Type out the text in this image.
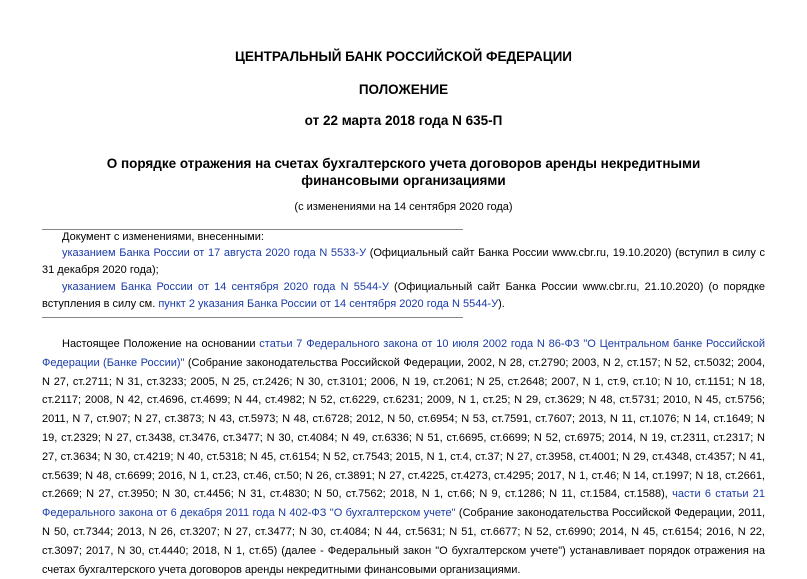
ЦЕНТРАЛЬНЫЙ БАНК РОССИЙСКОЙ ФЕДЕРАЦИИ
ПОЛОЖЕНИЕ
от 22 марта 2018 года N 635-П
О порядке отражения на счетах бухгалтерского учета договоров аренды некредитными финансовыми организациями
(с изменениями на 14 сентября 2020 года)
Документ с изменениями, внесенными:
указанием Банка России от 17 августа 2020 года N 5533-У (Официальный сайт Банка России www.cbr.ru, 19.10.2020) (вступил в силу с 31 декабря 2020 года);
указанием Банка России от 14 сентября 2020 года N 5544-У (Официальный сайт Банка России www.cbr.ru, 21.10.2020) (о порядке вступления в силу см. пункт 2 указания Банка России от 14 сентября 2020 года N 5544-У).
Настоящее Положение на основании статьи 7 Федерального закона от 10 июля 2002 года N 86-ФЗ "О Центральном банке Российской Федерации (Банке России)" (Собрание законодательства Российской Федерации, 2002, N 28, ст.2790; 2003, N 2, ст.157; N 52, ст.5032; 2004, N 27, ст.2711; N 31, ст.3233; 2005, N 25, ст.2426; N 30, ст.3101; 2006, N 19, ст.2061; N 25, ст.2648; 2007, N 1, ст.9, ст.10; N 10, ст.1151; N 18, ст.2117; 2008, N 42, ст.4696, ст.4699; N 44, ст.4982; N 52, ст.6229, ст.6231; 2009, N 1, ст.25; N 29, ст.3629; N 48, ст.5731; 2010, N 45, ст.5756; 2011, N 7, ст.907; N 27, ст.3873; N 43, ст.5973; N 48, ст.6728; 2012, N 50, ст.6954; N 53, ст.7591, ст.7607; 2013, N 11, ст.1076; N 14, ст.1649; N 19, ст.2329; N 27, ст.3438, ст.3476, ст.3477; N 30, ст.4084; N 49, ст.6336; N 51, ст.6695, ст.6699; N 52, ст.6975; 2014, N 19, ст.2311, ст.2317; N 27, ст.3634; N 30, ст.4219; N 40, ст.5318; N 45, ст.6154; N 52, ст.7543; 2015, N 1, ст.4, ст.37; N 27, ст.3958, ст.4001; N 29, ст.4348, ст.4357; N 41, ст.5639; N 48, ст.6699; 2016, N 1, ст.23, ст.46, ст.50; N 26, ст.3891; N 27, ст.4225, ст.4273, ст.4295; 2017, N 1, ст.46; N 14, ст.1997; N 18, ст.2661, ст.2669; N 27, ст.3950; N 30, ст.4456; N 31, ст.4830; N 50, ст.7562; 2018, N 1, ст.66; N 9, ст.1286; N 11, ст.1584, ст.1588), части 6 статьи 21 Федерального закона от 6 декабря 2011 года N 402-ФЗ "О бухгалтерском учете" (Собрание законодательства Российской Федерации, 2011, N 50, ст.7344; 2013, N 26, ст.3207; N 27, ст.3477; N 30, ст.4084; N 44, ст.5631; N 51, ст.6677; N 52, ст.6990; 2014, N 45, ст.6154; 2016, N 22, ст.3097; 2017, N 30, ст.4440; 2018, N 1, ст.65) (далее - Федеральный закон "О бухгалтерском учете") устанавливает порядок отражения на счетах бухгалтерского учета договоров аренды некредитными финансовыми организациями.
